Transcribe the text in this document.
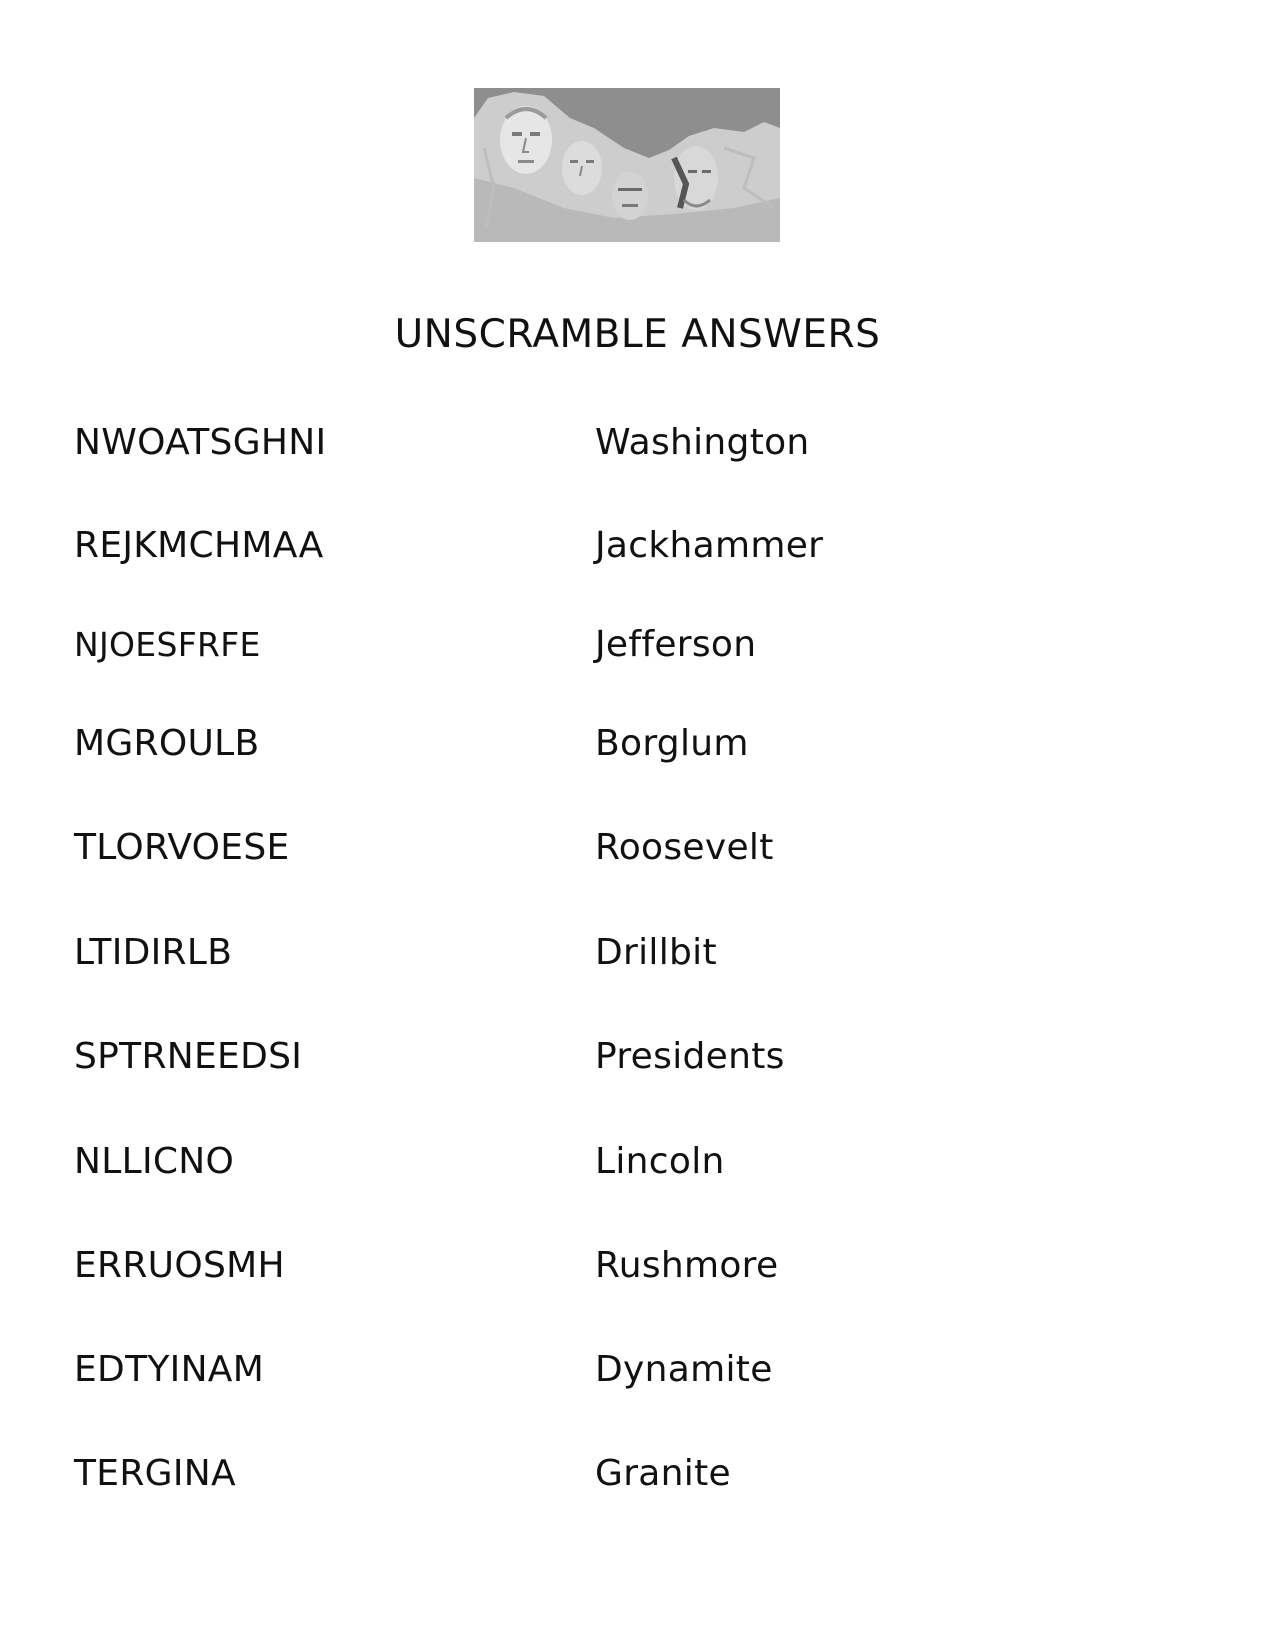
UNSCRAMBLE ANSWERS
NWOATSGHNI	Washington
REJKMCHMAA	Jackhammer
NJOESFRFE	Jefferson
MGROULB	Borglum
TLORVOESE	Roosevelt
LTIDIRLB	Drillbit
SPTRNEEDSI	Presidents
NLLICNO	Lincoln
ERRUOSMH	Rushmore
EDTYINAM	Dynamite
TERGINA	Granite
